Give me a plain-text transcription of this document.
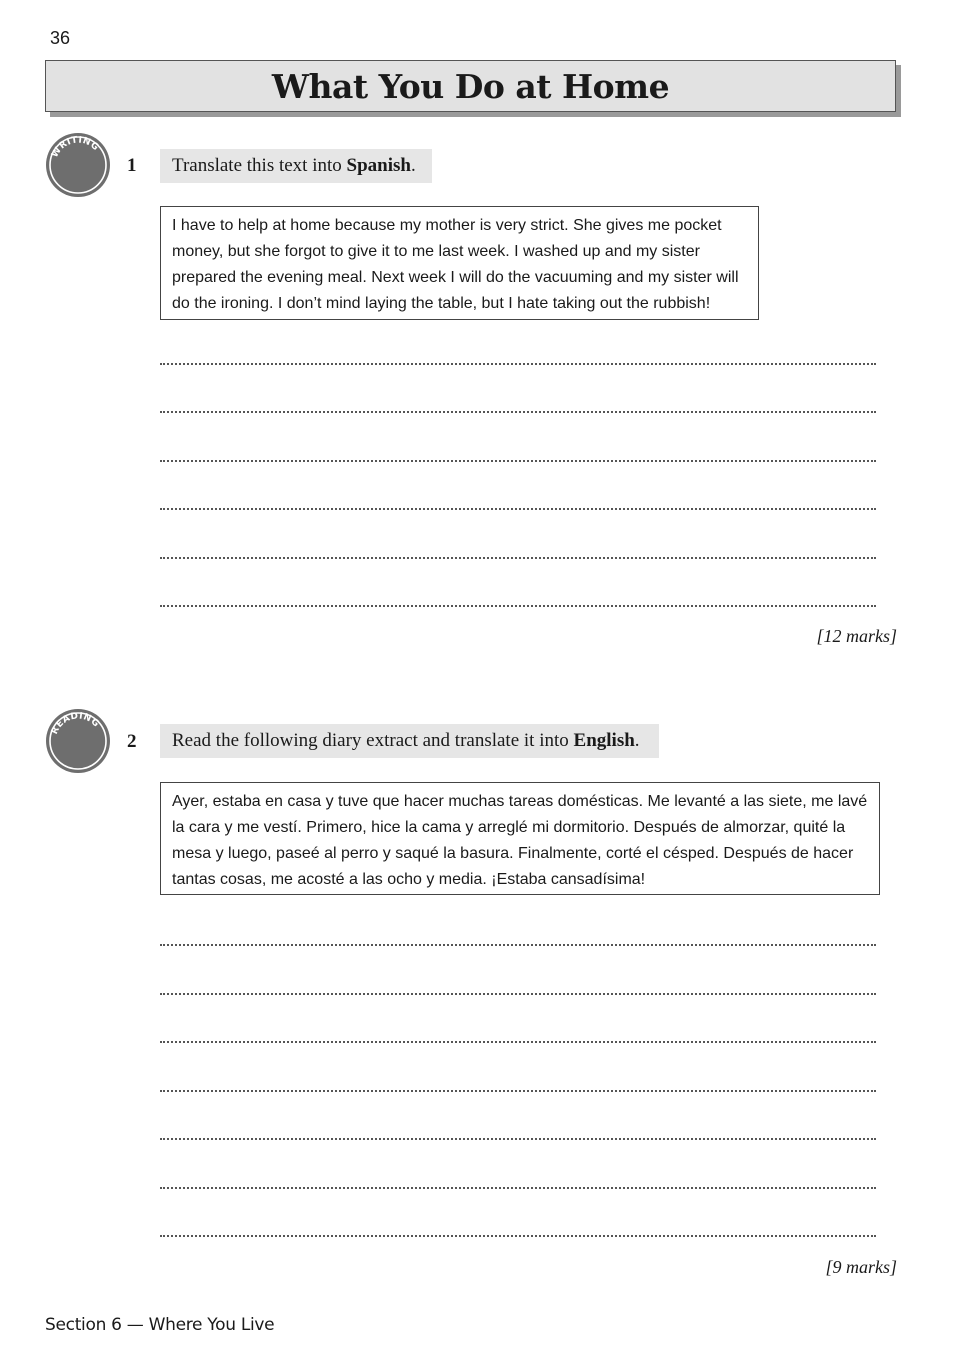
36
What You Do at Home
WRITING
1	Translate this text into Spanish.
I have to help at home because my mother is very strict. She gives me pocket money, but she forgot to give it to me last week. I washed up and my sister prepared the evening meal. Next week I will do the vacuuming and my sister will do the ironing. I don’t mind laying the table, but I hate taking out the rubbish!
[12 marks]
READING
2	Read the following diary extract and translate it into English.
Ayer, estaba en casa y tuve que hacer muchas tareas domésticas. Me levanté a las siete, me lavé la cara y me vestí. Primero, hice la cama y arreglé mi dormitorio. Después de almorzar, quité la mesa y luego, paseé al perro y saqué la basura. Finalmente, corté el césped. Después de hacer tantas cosas, me acosté a las ocho y media. ¡Estaba cansadísima!
[9 marks]
Section 6 — Where You Live
